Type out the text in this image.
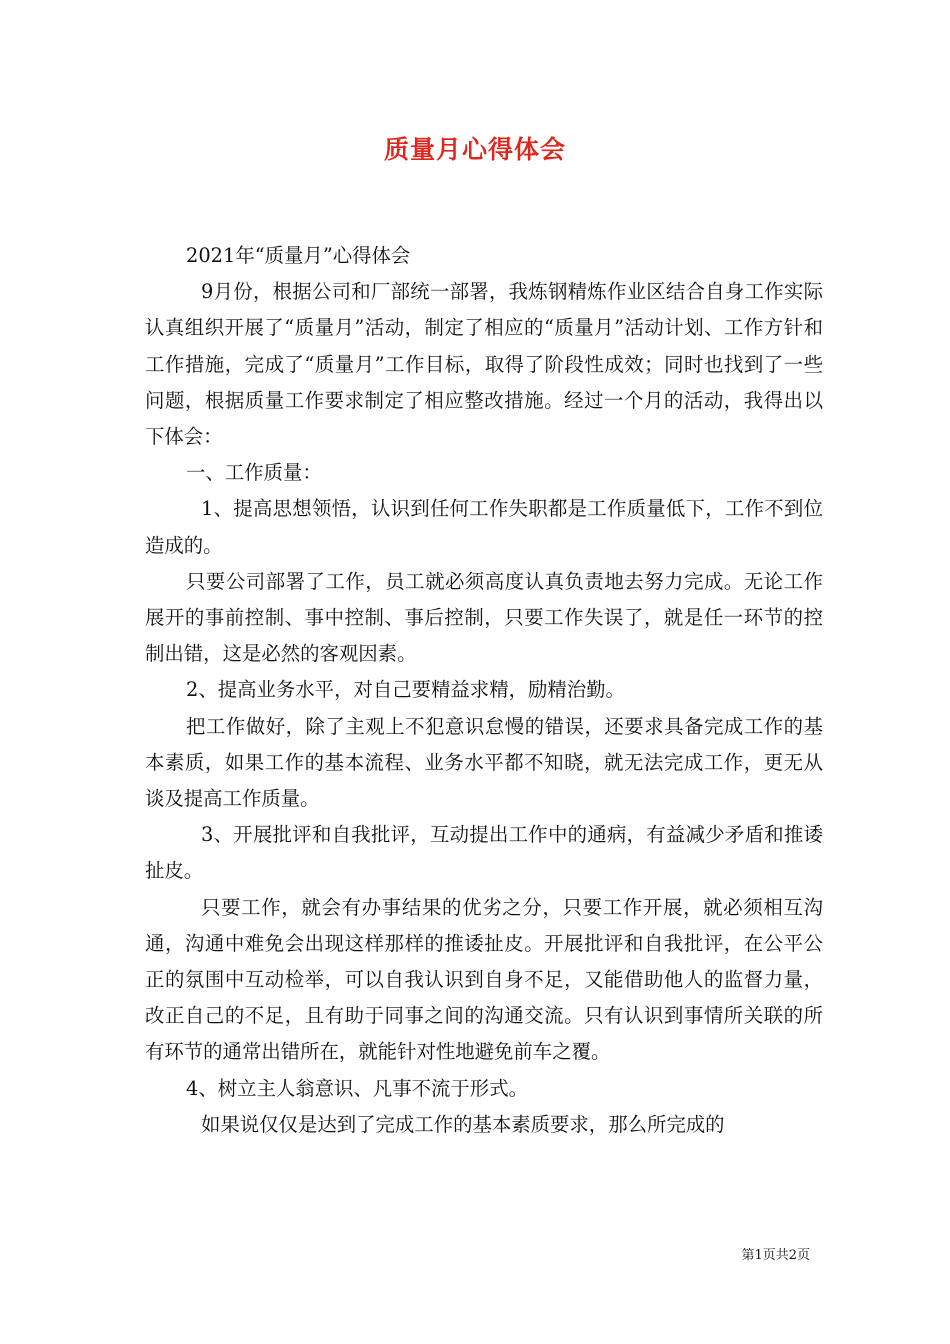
质量月心得体会

2021年“质量月”心得体会

9月份，根据公司和厂部统一部署，我炼钢精炼作业区结合自身工作实际认真组织开展了“质量月”活动，制定了相应的“质量月”活动计划、工作方针和工作措施，完成了“质量月”工作目标，取得了阶段性成效；同时也找到了一些问题，根据质量工作要求制定了相应整改措施。经过一个月的活动，我得出以下体会：

一、工作质量：

1、提高思想领悟，认识到任何工作失职都是工作质量低下，工作不到位造成的。

只要公司部署了工作，员工就必须高度认真负责地去努力完成。无论工作展开的事前控制、事中控制、事后控制，只要工作失误了，就是任一环节的控制出错，这是必然的客观因素。

2、提高业务水平，对自己要精益求精，励精治勤。

把工作做好，除了主观上不犯意识怠慢的错误，还要求具备完成工作的基本素质，如果工作的基本流程、业务水平都不知晓，就无法完成工作，更无从谈及提高工作质量。

3、开展批评和自我批评，互动提出工作中的通病，有益减少矛盾和推诿扯皮。

只要工作，就会有办事结果的优劣之分，只要工作开展，就必须相互沟通，沟通中难免会出现这样那样的推诿扯皮。开展批评和自我批评，在公平公正的氛围中互动检举，可以自我认识到自身不足，又能借助他人的监督力量，改正自己的不足，且有助于同事之间的沟通交流。只有认识到事情所关联的所有环节的通常出错所在，就能针对性地避免前车之覆。

4、树立主人翁意识、凡事不流于形式。

如果说仅仅是达到了完成工作的基本素质要求，那么所完成的

第1页共2页
